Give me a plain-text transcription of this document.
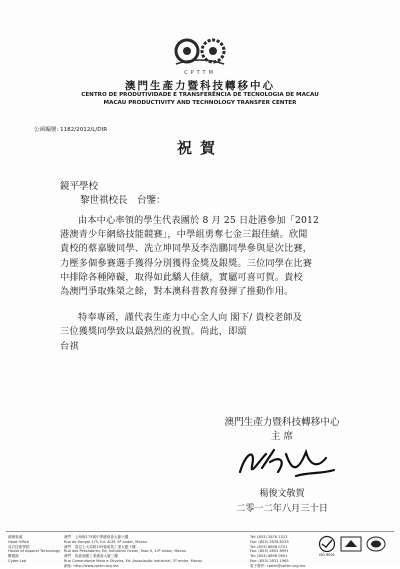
CPTTM
澳門生產力暨科技轉移中心
CENTRO DE PRODUTIVIDADE E TRANSFERÊNCIA DE TECNOLOGIA DE MACAU
MACAU PRODUCTIVITY AND TECHNOLOGY TRANSFER CENTER
公函編號: 1182/2012/L/DIR
祝賀
鏡平學校
黎世祺校長　台鑒：

由本中心率領的學生代表團於 8 月 25 日赴港參加「2012

港澳青少年網絡技能競賽」，中學組勇奪七金三銀佳績。欣聞

貴校的蔡嘉駿同學、冼立坤同學及李浩鵬同學參與是次比賽，

力壓多個參賽選手獲得分別獲得金獎及銀獎。三位同學在比賽

中排除各種障礙，取得如此驕人佳績，實屬可喜可賀。貴校

為澳門爭取殊榮之餘，對本澳科普教育發揮了推動作用。

特奉專函，謹代表生產力中心全人向 閣下/ 貴校老師及

三位獲獎同學致以最熱烈的祝賀。尚此，即頌

台祺

澳門生產力暨科技轉移中心
主 席
楊俊文敬賀
二零一二年八月三十日
總辦事處
Head Office
成衣技術學院
House of Apparel Technology
數碼港
Cyber-Lab
澳門　上海街175號中華總商會大廈六樓
Rua de Xangai 175, Ed. ACM, 6º andar, Macau
澳門　慕拉士大馬路195號南島工業大廈十樓
Rua dos Pescadores, Ed. Industrial Ocean, Fase II, 10º andar, Macau
澳門　馬統領圍工業總會大廈三樓
Rua Comandante Mata e Oliveira, Ed. Associação Industrial, 3º andar, Macau
網址: http://www.cpttm.org.mo
Tel: (853) 2878 1313
Fax: (853) 2878 8233
Tel: (853) 8898 0701
Fax: (853) 2852 8991
Tel: (853) 8898 0601
Fax: (853) 2831 1965
電子郵件: cpttm@cpttm.org.mo
ISO 9001
